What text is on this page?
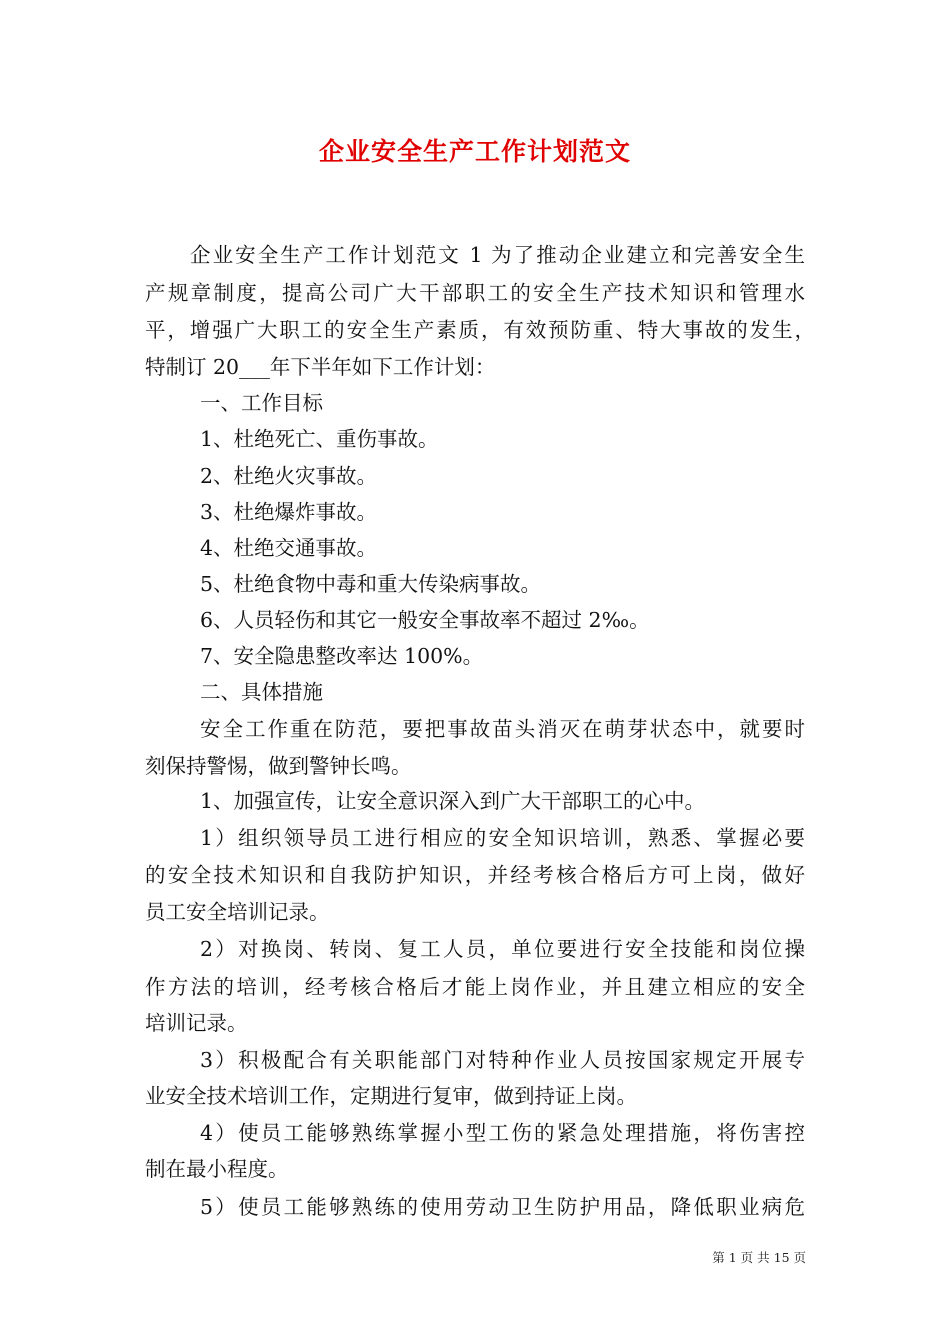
企业安全生产工作计划范文
企业安全生产工作计划范文 1 为了推动企业建立和完善安全生
产规章制度，提高公司广大干部职工的安全生产技术知识和管理水
平，增强广大职工的安全生产素质，有效预防重、特大事故的发生，
特制订 20___年下半年如下工作计划：
一、工作目标
1、杜绝死亡、重伤事故。
2、杜绝火灾事故。
3、杜绝爆炸事故。
4、杜绝交通事故。
5、杜绝食物中毒和重大传染病事故。
6、人员轻伤和其它一般安全事故率不超过 2‰。
7、安全隐患整改率达 100%。
二、具体措施
安全工作重在防范，要把事故苗头消灭在萌芽状态中，就要时
刻保持警惕，做到警钟长鸣。
1、加强宣传，让安全意识深入到广大干部职工的心中。
1）组织领导员工进行相应的安全知识培训，熟悉、掌握必要
的安全技术知识和自我防护知识，并经考核合格后方可上岗，做好
员工安全培训记录。
2）对换岗、转岗、复工人员，单位要进行安全技能和岗位操
作方法的培训，经考核合格后才能上岗作业，并且建立相应的安全
培训记录。
3）积极配合有关职能部门对特种作业人员按国家规定开展专
业安全技术培训工作，定期进行复审，做到持证上岗。
4）使员工能够熟练掌握小型工伤的紧急处理措施，将伤害控
制在最小程度。
5）使员工能够熟练的使用劳动卫生防护用品，降低职业病危
第 1 页 共 15 页
